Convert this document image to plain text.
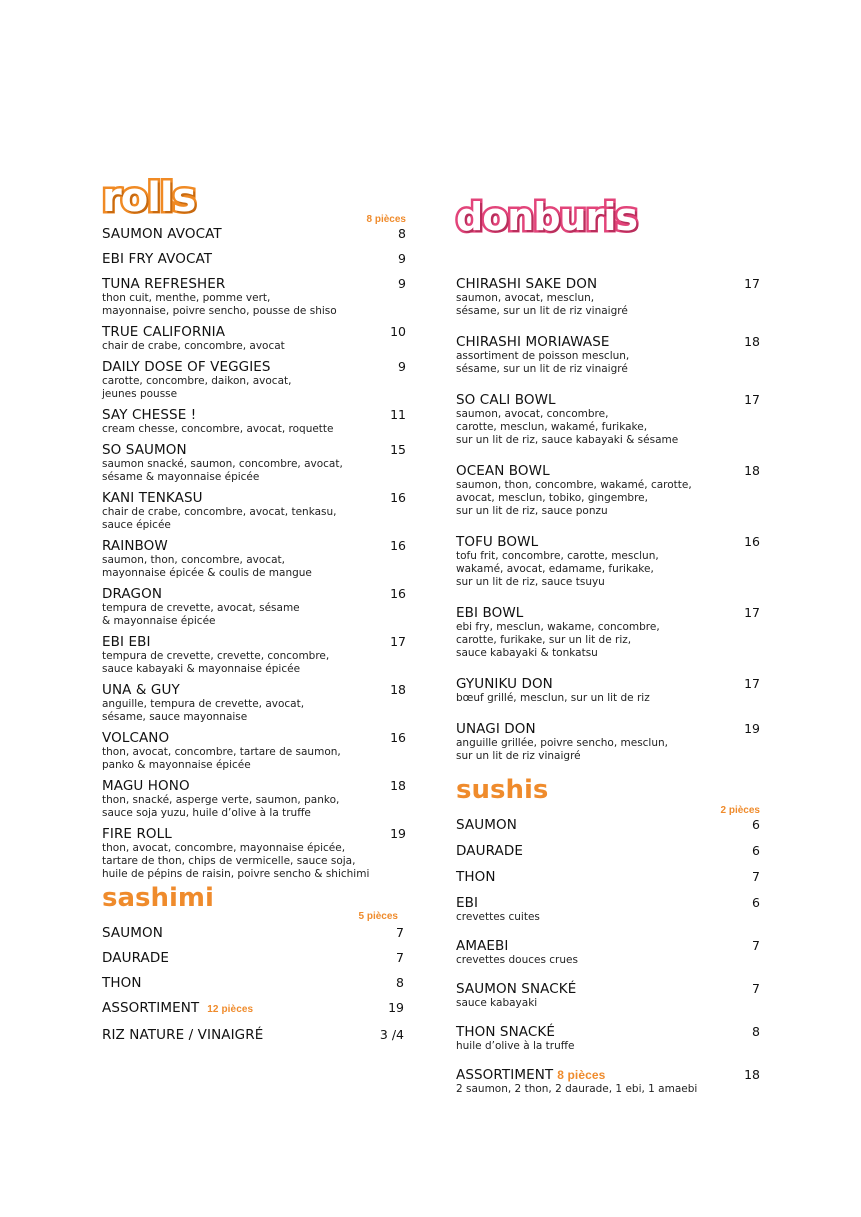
rolls	8 pièces
SAUMON AVOCAT	8
EBI FRY AVOCAT	9
TUNA REFRESHER	9
thon cuit, menthe, pomme vert,
mayonnaise, poivre sencho, pousse de shiso
TRUE CALIFORNIA	10
chair de crabe, concombre, avocat
DAILY DOSE OF VEGGIES	9
carotte, concombre, daikon, avocat,
jeunes pousse
SAY CHESSE !	11
cream chesse, concombre, avocat, roquette
SO SAUMON	15
saumon snacké, saumon, concombre, avocat,
sésame & mayonnaise épicée
KANI TENKASU	16
chair de crabe, concombre, avocat, tenkasu,
sauce épicée
RAINBOW	16
saumon, thon, concombre, avocat,
mayonnaise épicée & coulis de mangue
DRAGON	16
tempura de crevette, avocat, sésame
& mayonnaise épicée
EBI EBI	17
tempura de crevette, crevette, concombre,
sauce kabayaki & mayonnaise épicée
UNA & GUY	18
anguille, tempura de crevette, avocat,
sésame, sauce mayonnaise
VOLCANO	16
thon, avocat, concombre, tartare de saumon,
panko & mayonnaise épicée
MAGU HONO	18
thon, snacké, asperge verte, saumon, panko,
sauce soja yuzu, huile d’olive à la truffe
FIRE ROLL	19
thon, avocat, concombre, mayonnaise épicée,
tartare de thon, chips de vermicelle, sauce soja,
huile de pépins de raisin, poivre sencho & shichimi
sashimi
5 pièces
SAUMON	7
DAURADE	7
THON	8
ASSORTIMENT 12 pièces	19
RIZ NATURE / VINAIGRÉ	3 /4
donburis
CHIRASHI SAKE DON	17
saumon, avocat, mesclun,
sésame, sur un lit de riz vinaigré
CHIRASHI MORIAWASE	18
assortiment de poisson mesclun,
sésame, sur un lit de riz vinaigré
SO CALI BOWL	17
saumon, avocat, concombre,
carotte, mesclun, wakamé, furikake,
sur un lit de riz, sauce kabayaki & sésame
OCEAN BOWL	18
saumon, thon, concombre, wakamé, carotte,
avocat, mesclun, tobiko, gingembre,
sur un lit de riz, sauce ponzu
TOFU BOWL	16
tofu frit, concombre, carotte, mesclun,
wakamé, avocat, edamame, furikake,
sur un lit de riz, sauce tsuyu
EBI BOWL	17
ebi fry, mesclun, wakame, concombre,
carotte, furikake, sur un lit de riz,
sauce kabayaki & tonkatsu
GYUNIKU DON	17
bœuf grillé, mesclun, sur un lit de riz
UNAGI DON	19
anguille grillée, poivre sencho, mesclun,
sur un lit de riz vinaigré
sushis
2 pièces
SAUMON	6
DAURADE	6
THON	7
EBI	6
crevettes cuites
AMAEBI	7
crevettes douces crues
SAUMON SNACKÉ	7
sauce kabayaki
THON SNACKÉ	8
huile d’olive à la truffe
ASSORTIMENT 8 pièces	18
2 saumon, 2 thon, 2 daurade, 1 ebi, 1 amaebi
